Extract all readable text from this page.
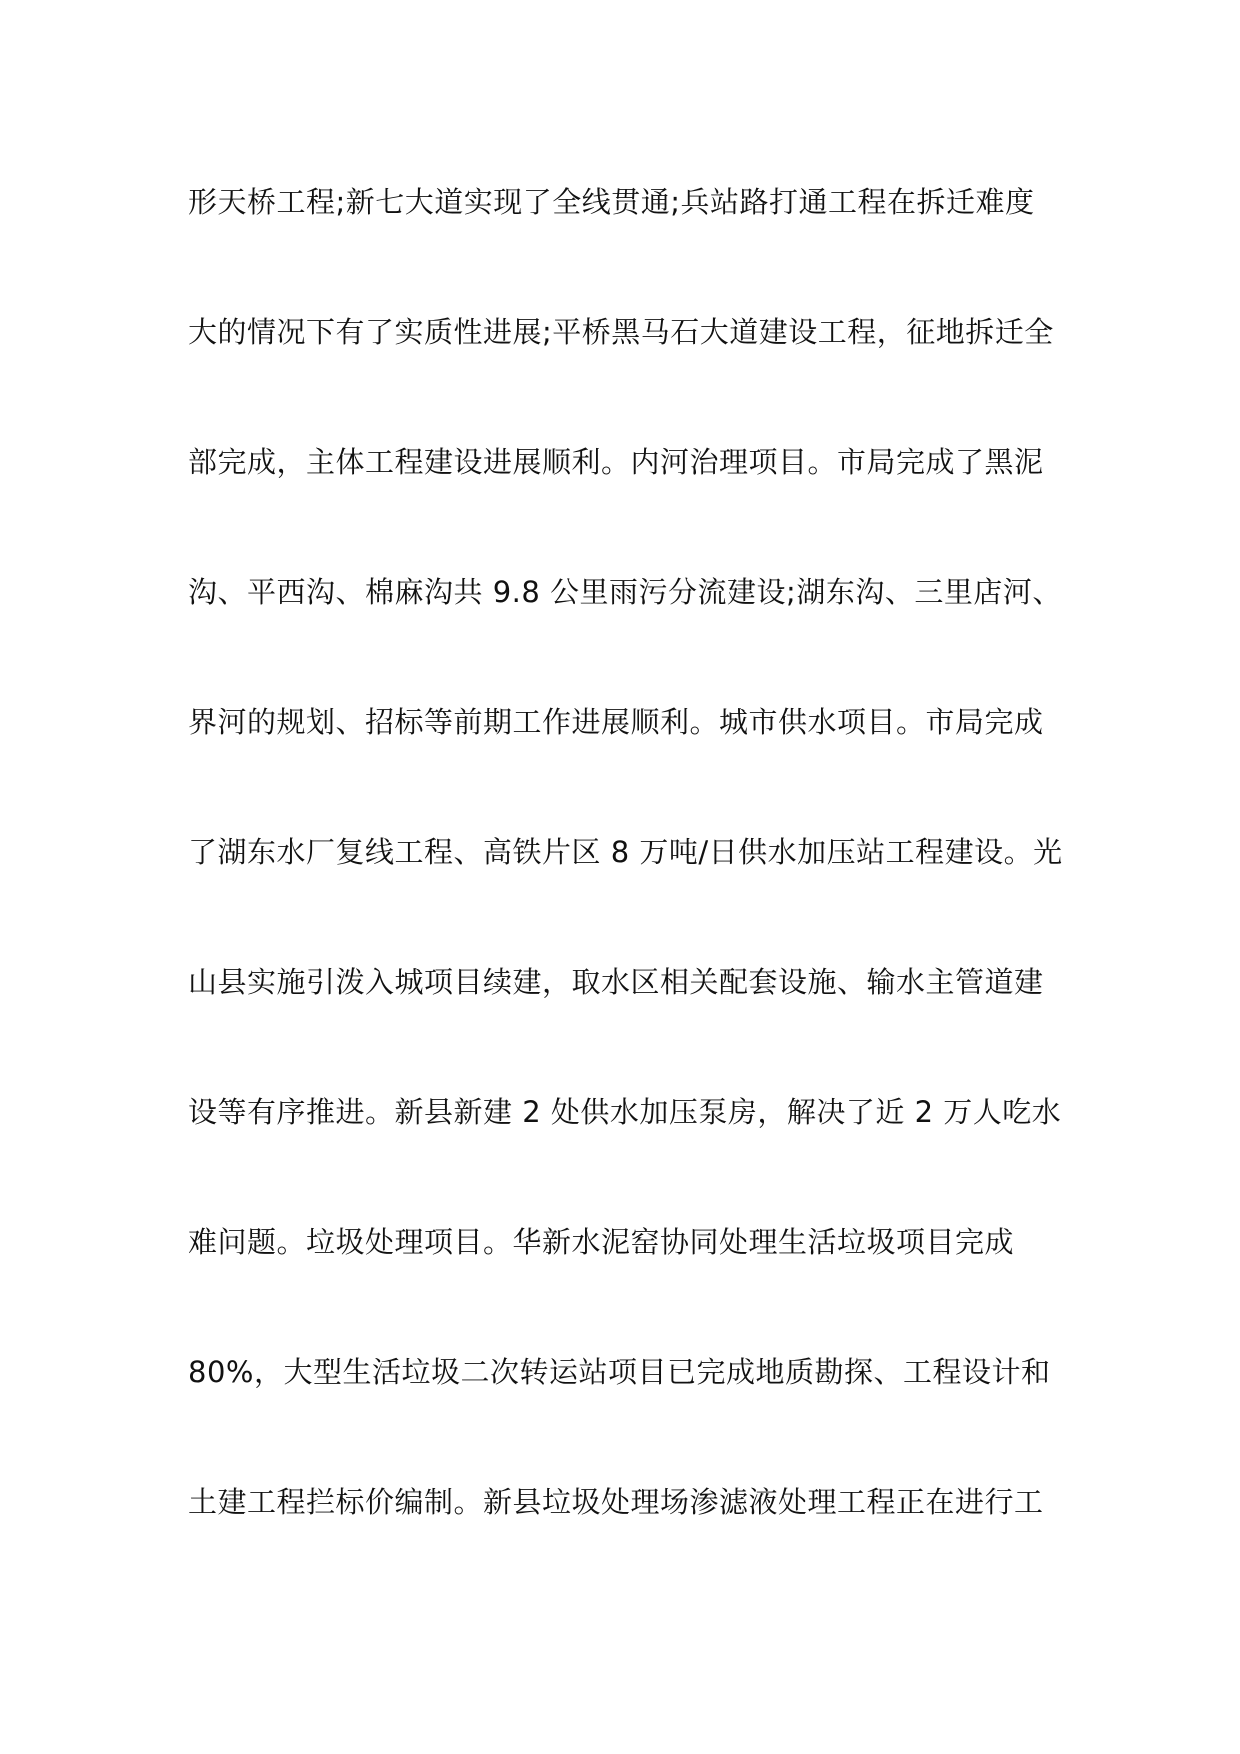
形天桥工程;新七大道实现了全线贯通;兵站路打通工程在拆迁难度
大的情况下有了实质性进展;平桥黑马石大道建设工程，征地拆迁全
部完成，主体工程建设进展顺利。内河治理项目。市局完成了黑泥
沟、平西沟、棉麻沟共 9.8 公里雨污分流建设;湖东沟、三里店河、
界河的规划、招标等前期工作进展顺利。城市供水项目。市局完成
了湖东水厂复线工程、高铁片区 8 万吨/日供水加压站工程建设。光
山县实施引泼入城项目续建，取水区相关配套设施、输水主管道建
设等有序推进。新县新建 2 处供水加压泵房，解决了近 2 万人吃水
难问题。垃圾处理项目。华新水泥窑协同处理生活垃圾项目完成
80%，大型生活垃圾二次转运站项目已完成地质勘探、工程设计和
土建工程拦标价编制。新县垃圾处理场渗滤液处理工程正在进行工
